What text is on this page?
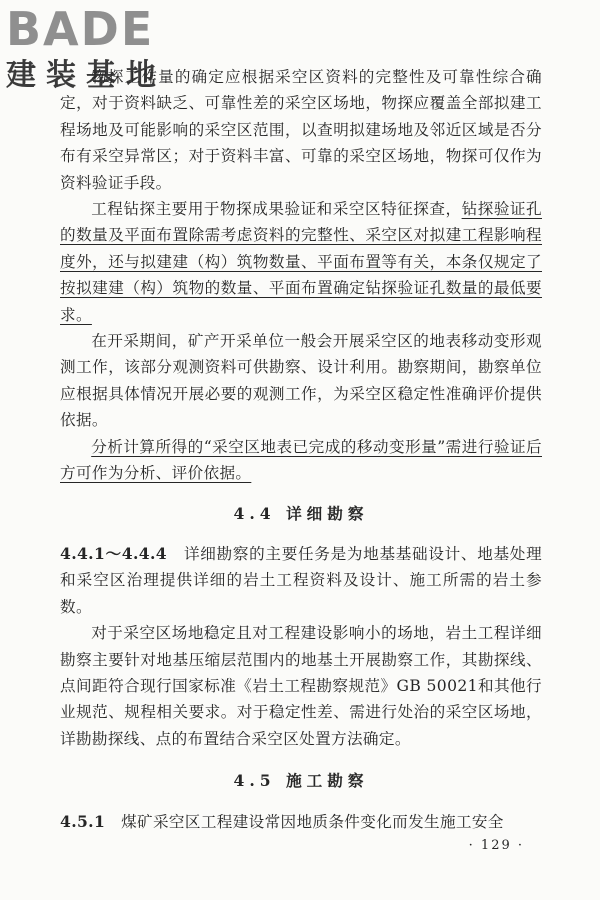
BADE
建装基地

物探工作量的确定应根据采空区资料的完整性及可靠性综合确定，对于资料缺乏、可靠性差的采空区场地，物探应覆盖全部拟建工程场地及可能影响的采空区范围，以查明拟建场地及邻近区域是否分布有采空异常区；对于资料丰富、可靠的采空区场地，物探可仅作为资料验证手段。

工程钻探主要用于物探成果验证和采空区特征探查，钻探验证孔的数量及平面布置除需考虑资料的完整性、采空区对拟建工程影响程度外，还与拟建建（构）筑物数量、平面布置等有关，本条仅规定了按拟建建（构）筑物的数量、平面布置确定钻探验证孔数量的最低要求。

在开采期间，矿产开采单位一般会开展采空区的地表移动变形观测工作，该部分观测资料可供勘察、设计利用。勘察期间，勘察单位应根据具体情况开展必要的观测工作，为采空区稳定性准确评价提供依据。

分析计算所得的“采空区地表已完成的移动变形量”需进行验证后方可作为分析、评价依据。

4.4 详细勘察

4.4.1～4.4.4 详细勘察的主要任务是为地基基础设计、地基处理和采空区治理提供详细的岩土工程资料及设计、施工所需的岩土参数。

对于采空区场地稳定且对工程建设影响小的场地，岩土工程详细勘察主要针对地基压缩层范围内的地基土开展勘察工作，其勘探线、点间距符合现行国家标准《岩土工程勘察规范》GB 50021和其他行业规范、规程相关要求。对于稳定性差、需进行处治的采空区场地，详勘勘探线、点的布置结合采空区处置方法确定。

4.5 施工勘察

4.5.1 煤矿采空区工程建设常因地质条件变化而发生施工安全

· 129 ·
